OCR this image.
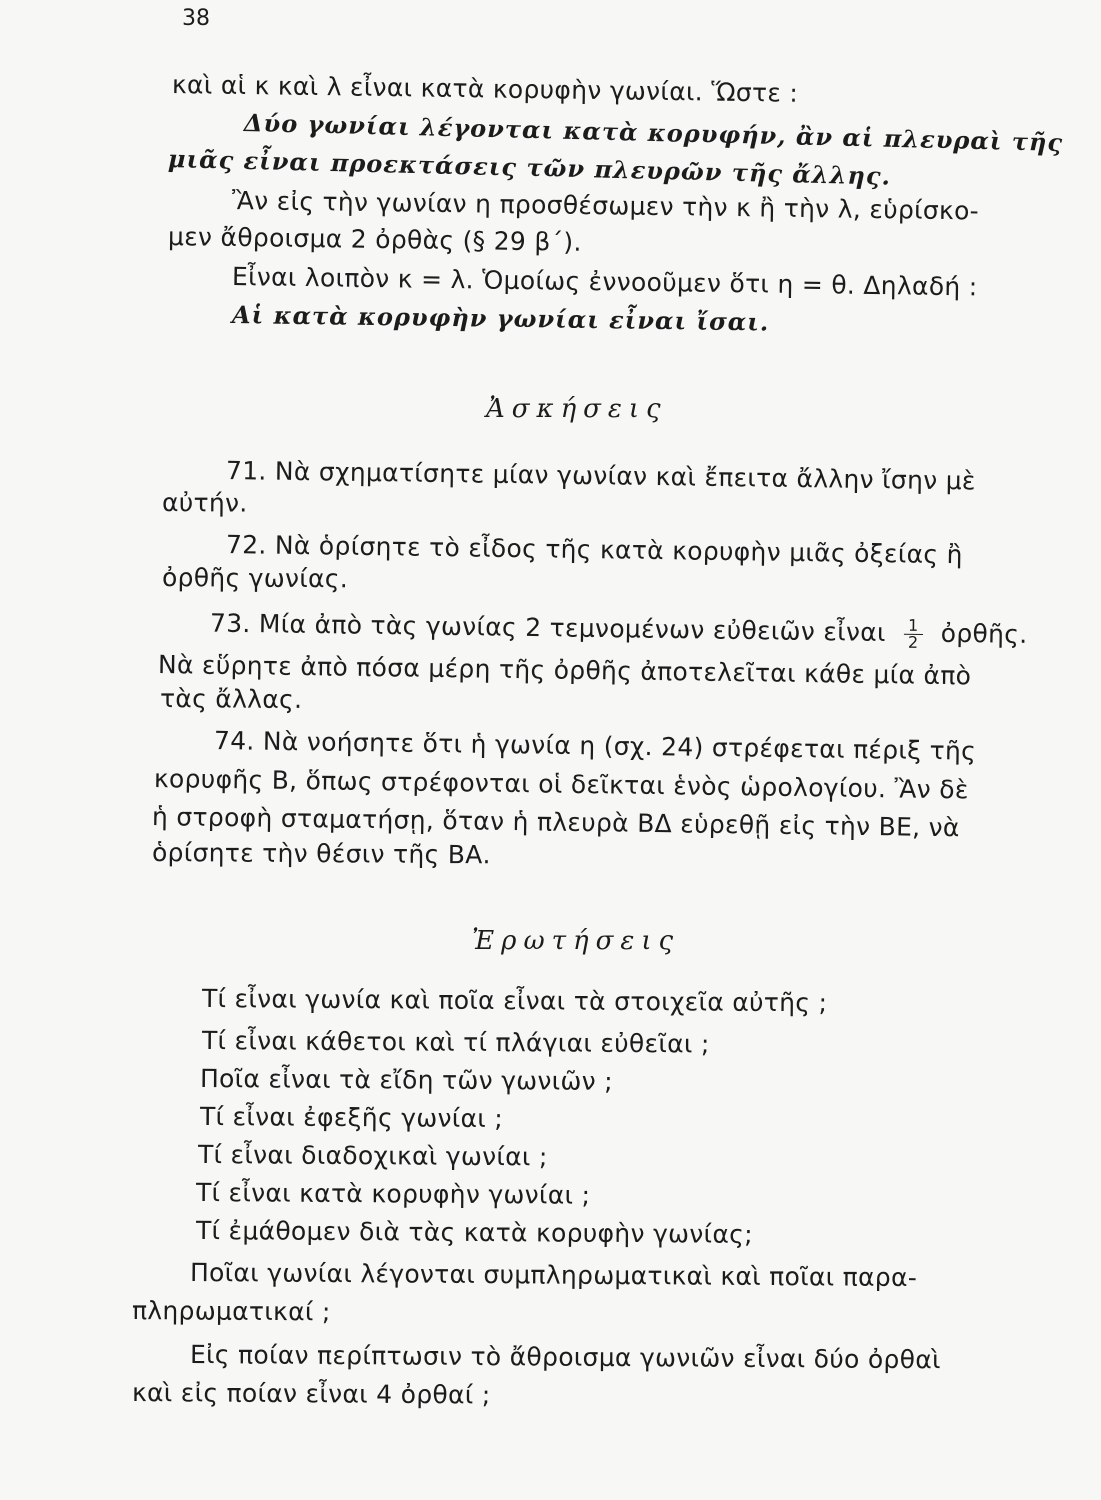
38
καὶ αἱ κ καὶ λ εἶναι κατὰ κορυφὴν γωνίαι. Ὥστε :
Δύο γωνίαι λέγονται κατὰ κορυφήν, ἂν αἱ πλευραὶ τῆς
μιᾶς εἶναι προεκτάσεις τῶν πλευρῶν τῆς ἄλλης.
Ἂν εἰς τὴν γωνίαν η προσθέσωμεν τὴν κ ἢ τὴν λ, εὑρίσκο-
μεν ἄθροισμα 2 ὀρθὰς (§ 29 β΄).
Εἶναι λοιπὸν κ = λ. Ὁμοίως ἐννοοῦμεν ὅτι η = θ. Δηλαδή :
Αἱ κατὰ κορυφὴν γωνίαι εἶναι ἴσαι.
Ἀσκήσεις
71. Νὰ σχηματίσητε μίαν γωνίαν καὶ ἔπειτα ἄλλην ἴσην μὲ
αὐτήν.
72. Νὰ ὁρίσητε τὸ εἶδος τῆς κατὰ κορυφὴν μιᾶς ὀξείας ἢ
ὀρθῆς γωνίας.
73. Μία ἀπὸ τὰς γωνίας 2 τεμνομένων εὐθειῶν εἶναι $\frac{1}{2}$ ὀρθῆς.
Νὰ εὕρητε ἀπὸ πόσα μέρη τῆς ὀρθῆς ἀποτελεῖται κάθε μία ἀπὸ
τὰς ἄλλας.
74. Νὰ νοήσητε ὅτι ἡ γωνία η (σχ. 24) στρέφεται πέριξ τῆς
κορυφῆς Β, ὅπως στρέφονται οἱ δεῖκται ἑνὸς ὡρολογίου. Ἂν δὲ
ἡ στροφὴ σταματήσῃ, ὅταν ἡ πλευρὰ ΒΔ εὑρεθῇ εἰς τὴν ΒΕ, νὰ
ὁρίσητε τὴν θέσιν τῆς ΒΑ.
Ἐρωτήσεις
Τί εἶναι γωνία καὶ ποῖα εἶναι τὰ στοιχεῖα αὐτῆς ;
Τί εἶναι κάθετοι καὶ τί πλάγιαι εὐθεῖαι ;
Ποῖα εἶναι τὰ εἴδη τῶν γωνιῶν ;
Τί εἶναι ἐφεξῆς γωνίαι ;
Τί εἶναι διαδοχικαὶ γωνίαι ;
Τί εἶναι κατὰ κορυφὴν γωνίαι ;
Τί ἐμάθομεν διὰ τὰς κατὰ κορυφὴν γωνίας;
Ποῖαι γωνίαι λέγονται συμπληρωματικαὶ καὶ ποῖαι παρα-
πληρωματικαί ;
Εἰς ποίαν περίπτωσιν τὸ ἄθροισμα γωνιῶν εἶναι δύο ὀρθαὶ
καὶ εἰς ποίαν εἶναι 4 ὀρθαί ;
